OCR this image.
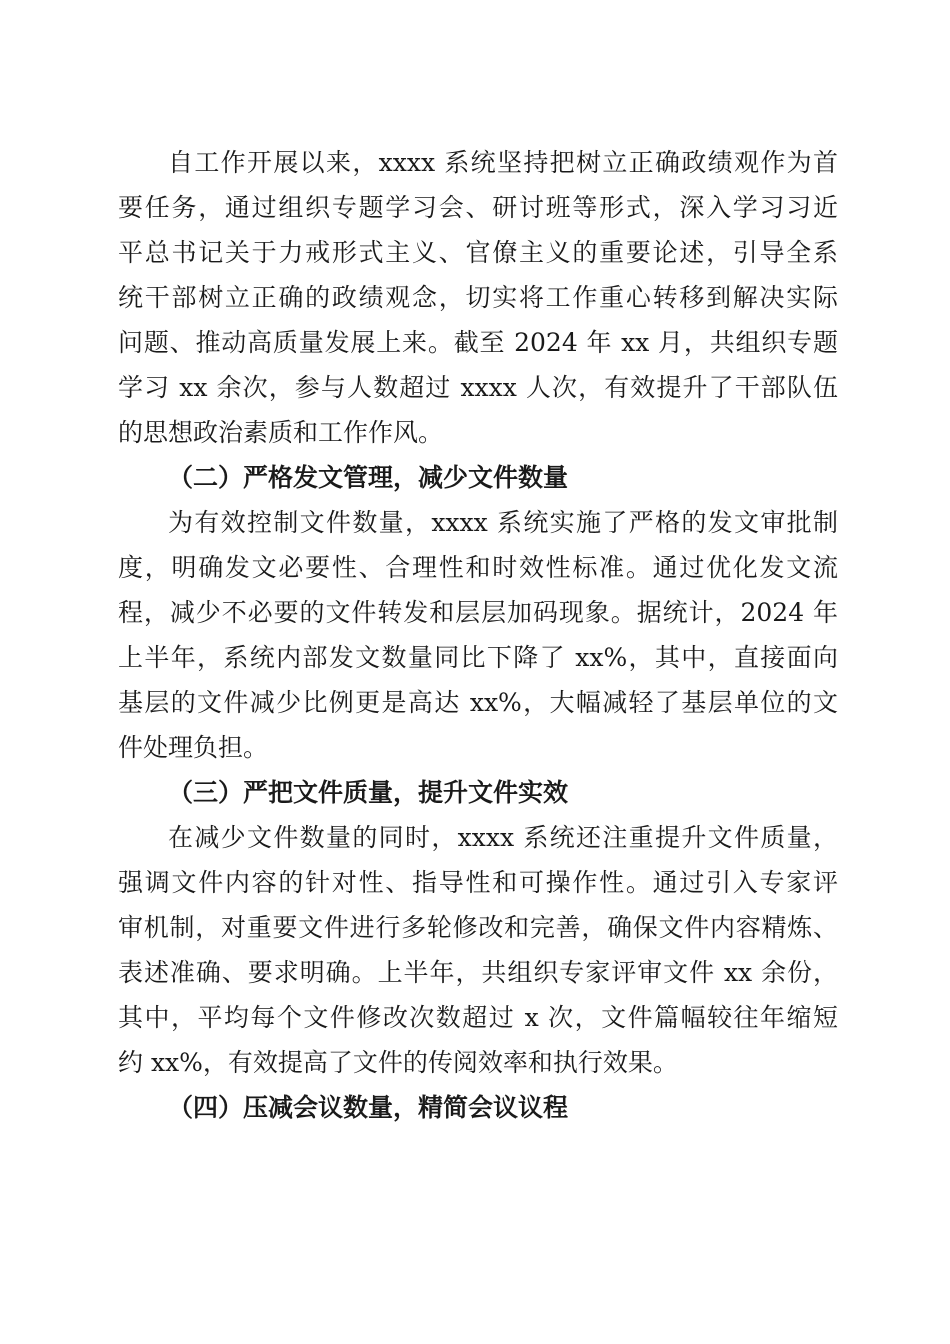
自工作开展以来，xxxx 系统坚持把树立正确政绩观作为首
要任务，通过组织专题学习会、研讨班等形式，深入学习习近
平总书记关于力戒形式主义、官僚主义的重要论述，引导全系
统干部树立正确的政绩观念，切实将工作重心转移到解决实际
问题、推动高质量发展上来。截至 2024 年 xx 月，共组织专题
学习 xx 余次，参与人数超过 xxxx 人次，有效提升了干部队伍
的思想政治素质和工作作风。
（二）严格发文管理，减少文件数量
为有效控制文件数量，xxxx 系统实施了严格的发文审批制
度，明确发文必要性、合理性和时效性标准。通过优化发文流
程，减少不必要的文件转发和层层加码现象。据统计，2024 年
上半年，系统内部发文数量同比下降了 xx%，其中，直接面向
基层的文件减少比例更是高达 xx%，大幅减轻了基层单位的文
件处理负担。
（三）严把文件质量，提升文件实效
在减少文件数量的同时，xxxx 系统还注重提升文件质量，
强调文件内容的针对性、指导性和可操作性。通过引入专家评
审机制，对重要文件进行多轮修改和完善，确保文件内容精炼、
表述准确、要求明确。上半年，共组织专家评审文件 xx 余份，
其中，平均每个文件修改次数超过 x 次，文件篇幅较往年缩短
约 xx%，有效提高了文件的传阅效率和执行效果。
（四）压减会议数量，精简会议议程
